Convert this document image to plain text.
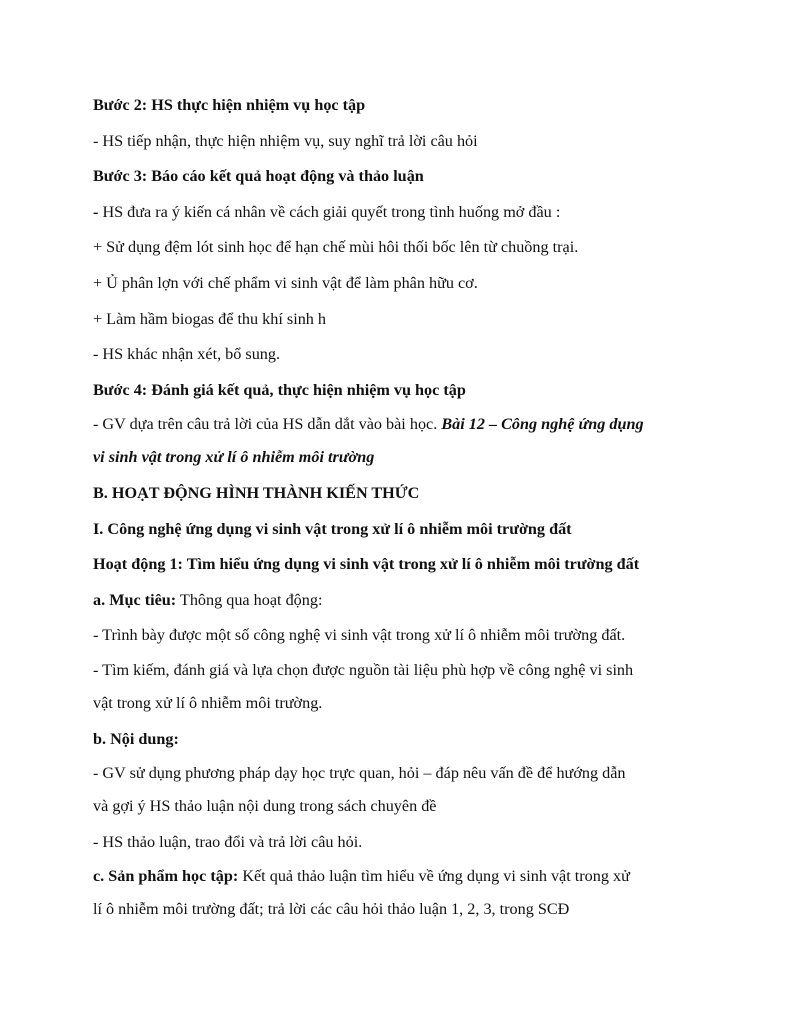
Bước 2: HS thực hiện nhiệm vụ học tập

- HS tiếp nhận, thực hiện nhiệm vụ, suy nghĩ trả lời câu hỏi

Bước 3: Báo cáo kết quả hoạt động và thảo luận

- HS đưa ra ý kiến cá nhân về cách giải quyết trong tình huống mở đầu :

+ Sử dụng đệm lót sinh học để hạn chế mùi hôi thối bốc lên từ chuồng trại.

+ Ủ phân lợn với chế phẩm vi sinh vật để làm phân hữu cơ.

+ Làm hầm biogas để thu khí sinh h

- HS khác nhận xét, bổ sung.

Bước 4: Đánh giá kết quả, thực hiện nhiệm vụ học tập

- GV dựa trên câu trả lời của HS dẫn dắt vào bài học. Bài 12 – Công nghệ ứng dụng

vi sinh vật trong xử lí ô nhiễm môi trường

B. HOẠT ĐỘNG HÌNH THÀNH KIẾN THỨC

I. Công nghệ ứng dụng vi sinh vật trong xử lí ô nhiễm môi trường đất

Hoạt động 1: Tìm hiểu ứng dụng vi sinh vật trong xử lí ô nhiễm môi trường đất

a. Mục tiêu: Thông qua hoạt động:

- Trình bày được một số công nghệ vi sinh vật trong xử lí ô nhiễm môi trường đất.

- Tìm kiếm, đánh giá và lựa chọn được nguồn tài liệu phù hợp về công nghệ vi sinh

vật trong xử lí ô nhiễm môi trường.

b. Nội dung:

- GV sử dụng phương pháp dạy học trực quan, hỏi – đáp nêu vấn đề để hướng dẫn

và gợi ý HS thảo luận nội dung trong sách chuyên đề

- HS thảo luận, trao đổi và trả lời câu hỏi.

c. Sản phẩm học tập: Kết quả thảo luận tìm hiểu về ứng dụng vi sinh vật trong xử

lí ô nhiễm môi trường đất; trả lời các câu hỏi thảo luận 1, 2, 3, trong SCĐ
